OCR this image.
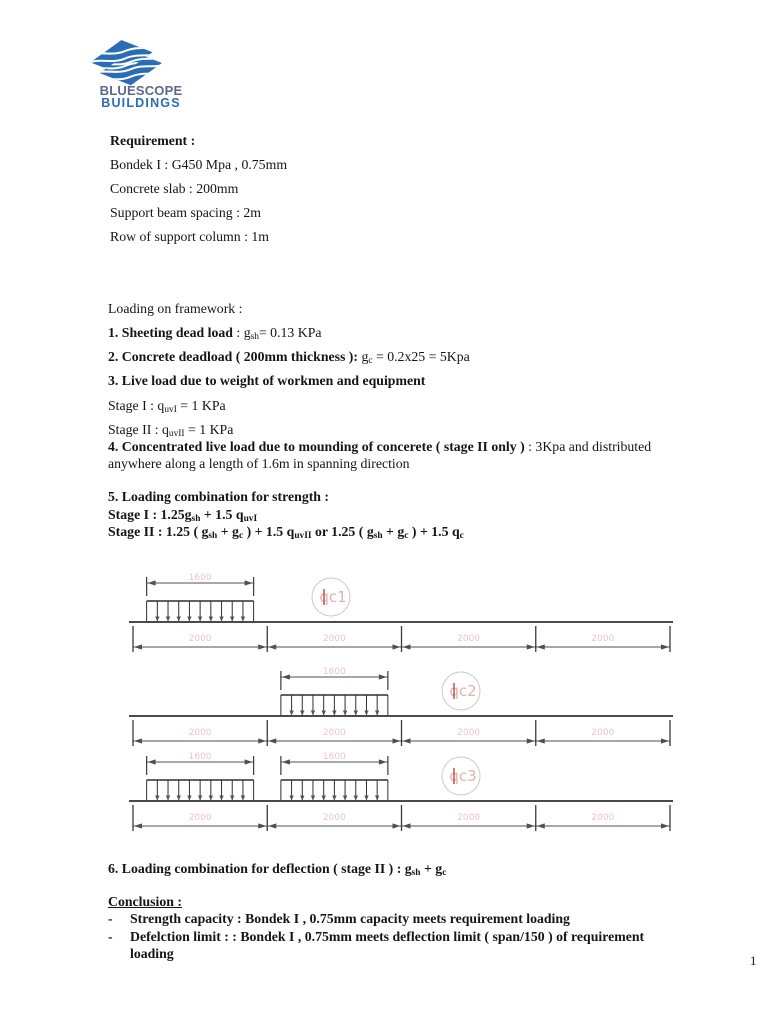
BLUESCOPE
BUILDINGS
Requirement :
Bondek I : G450 Mpa , 0.75mm
Concrete slab : 200mm
Support beam spacing : 2m
Row of support column : 1m
Loading on framework :
1. Sheeting dead load : gsh= 0.13 KPa
2. Concrete deadload ( 200mm thickness ): gc = 0.2x25 = 5Kpa
3. Live load due to weight of workmen and equipment
Stage I : quvI = 1 KPa
Stage II : quvII = 1 KPa
4. Concentrated live load due to mounding of concerete ( stage II only ) : 3Kpa and distributed
anywhere along a length of 1.6m in spanning direction
5. Loading combination for strength :
Stage I : 1.25gsh + 1.5 quvI
Stage II : 1.25 ( gsh + gc ) + 1.5 quvII or 1.25 ( gsh + gc ) + 1.5 qc
6. Loading combination for deflection ( stage II ) : gsh + gc
Conclusion :
- Strength capacity : Bondek I , 0.75mm capacity meets requirement loading
- Defelction limit : : Bondek I , 0.75mm meets deflection limit ( span/150 ) of requirement
loading
2000	2000	2000	2000
1600
qc1
2000	2000	2000	2000
1600
qc2
2000	2000	2000	2000
1600	1600
qc3
1
